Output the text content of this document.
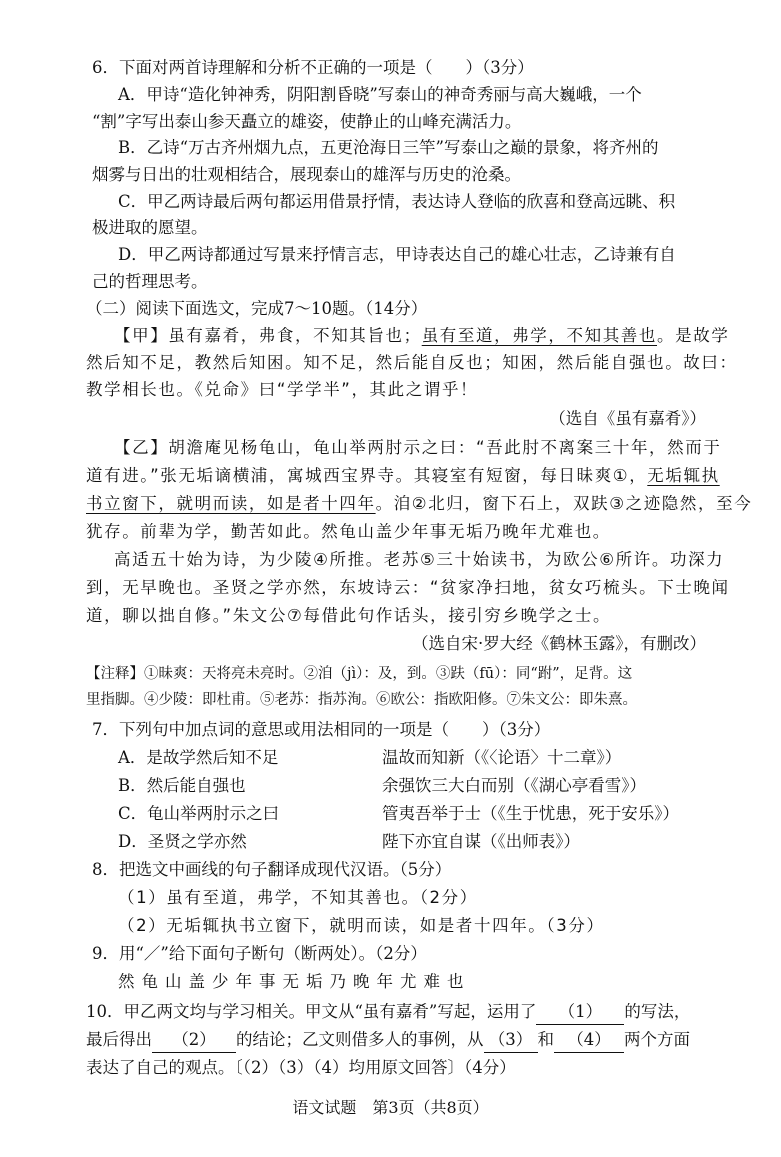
6．下面对两首诗理解和分析不正确的一项是（　　）（3分）
A．甲诗“造化钟神秀，阴阳割昏晓”写泰山的神奇秀丽与高大巍峨，一个
“割”字写出泰山参天矗立的雄姿，使静止的山峰充满活力。
B．乙诗“万古齐州烟九点，五更沧海日三竿”写泰山之巅的景象，将齐州的
烟雾与日出的壮观相结合，展现泰山的雄浑与历史的沧桑。
C．甲乙两诗最后两句都运用借景抒情，表达诗人登临的欣喜和登高远眺、积
极进取的愿望。
D．甲乙两诗都通过写景来抒情言志，甲诗表达自己的雄心壮志，乙诗兼有自
己的哲理思考。
（二）阅读下面选文，完成7～10题。（14分）
【甲】虽有嘉肴，弗食，不知其旨也；虽有至道，弗学，不知其善也。是故学
然后知不足，教然后知困。知不足，然后能自反也；知困，然后能自强也。故曰：
教学相长也。《兑命》曰“学学半”，其此之谓乎！
（选自《虽有嘉肴》）
【乙】胡澹庵见杨龟山，龟山举两肘示之曰：“吾此肘不离案三十年，然而于
道有进。”张无垢谪横浦，寓城西宝界寺。其寝室有短窗，每日昧爽①，无垢辄执
书立窗下，就明而读，如是者十四年。洎②北归，窗下石上，双趺③之迹隐然，至今
犹存。前辈为学，勤苦如此。然龟山盖少年事无垢乃晚年尤难也。
高适五十始为诗，为少陵④所推。老苏⑤三十始读书，为欧公⑥所许。功深力
到，无早晚也。圣贤之学亦然，东坡诗云：“贫家净扫地，贫女巧梳头。下士晚闻
道，聊以拙自修。”朱文公⑦每借此句作话头，接引穷乡晚学之士。
（选自宋·罗大经《鹤林玉露》，有删改）
【注释】①昧爽：天将亮未亮时。②洎（jì）：及，到。③趺（fū）：同“跗”，足背。这
里指脚。④少陵：即杜甫。⑤老苏：指苏洵。⑥欧公：指欧阳修。⑦朱文公：即朱熹。
7．下列句中加点词的意思或用法相同的一项是（　　）（3分）
A．是故学然后知不足	温故而知新（《〈论语〉十二章》）
B．然后能自强也	余强饮三大白而别（《湖心亭看雪》）
C．龟山举两肘示之曰	管夷吾举于士（《生于忧患，死于安乐》）
D．圣贤之学亦然	陛下亦宜自谋（《出师表》）
8．把选文中画线的句子翻译成现代汉语。（5分）
（1）虽有至道，弗学，不知其善也。（2分）
（2）无垢辄执书立窗下，就明而读，如是者十四年。（3分）
9．用“／”给下面句子断句（断两处）。（2分）
然龟山盖少年事无垢乃晚年尤难也
10．甲乙两文均与学习相关。甲文从“虽有嘉肴”写起，运用了 （1） 的写法，
最后得出 （2） 的结论；乙文则借多人的事例，从 （3） 和 （4） 两个方面
表达了自己的观点。〔（2）（3）（4）均用原文回答〕（4分）
语文试题　第3页（共8页）
